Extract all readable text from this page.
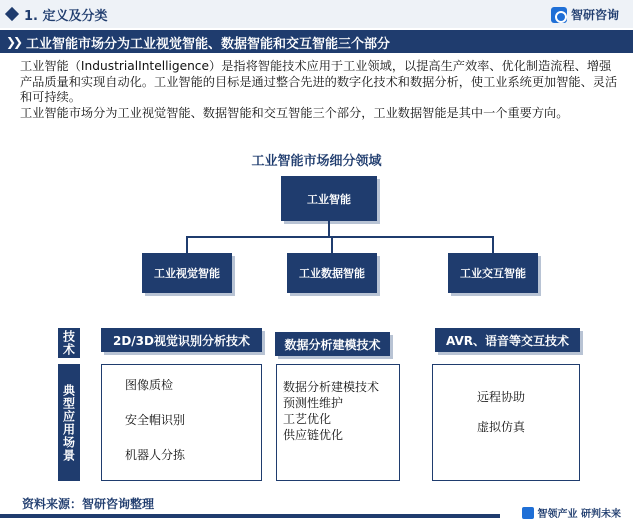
1. 定义及分类	智研咨询
❯❯ 工业智能市场分为工业视觉智能、数据智能和交互智能三个部分

工业智能（IndustrialIntelligence）是指将智能技术应用于工业领域，以提高生产效率、优化制造流程、增强产品质量和实现自动化。工业智能的目标是通过整合先进的数字化技术和数据分析，使工业系统更加智能、灵活和可持续。

工业智能市场分为工业视觉智能、数据智能和交互智能三个部分，工业数据智能是其中一个重要方向。

工业智能市场细分领域
工业智能
工业视觉智能	工业数据智能	工业交互智能
技术
典型应用场景
2D/3D视觉识别分析技术	数据分析建模技术	AVR、语音等交互技术
图像质检
安全帽识别
机器人分拣
数据分析建模技术
预测性维护
工艺优化
供应链优化
远程协助
虚拟仿真
资料来源：智研咨询整理
智领产业 研判未来
